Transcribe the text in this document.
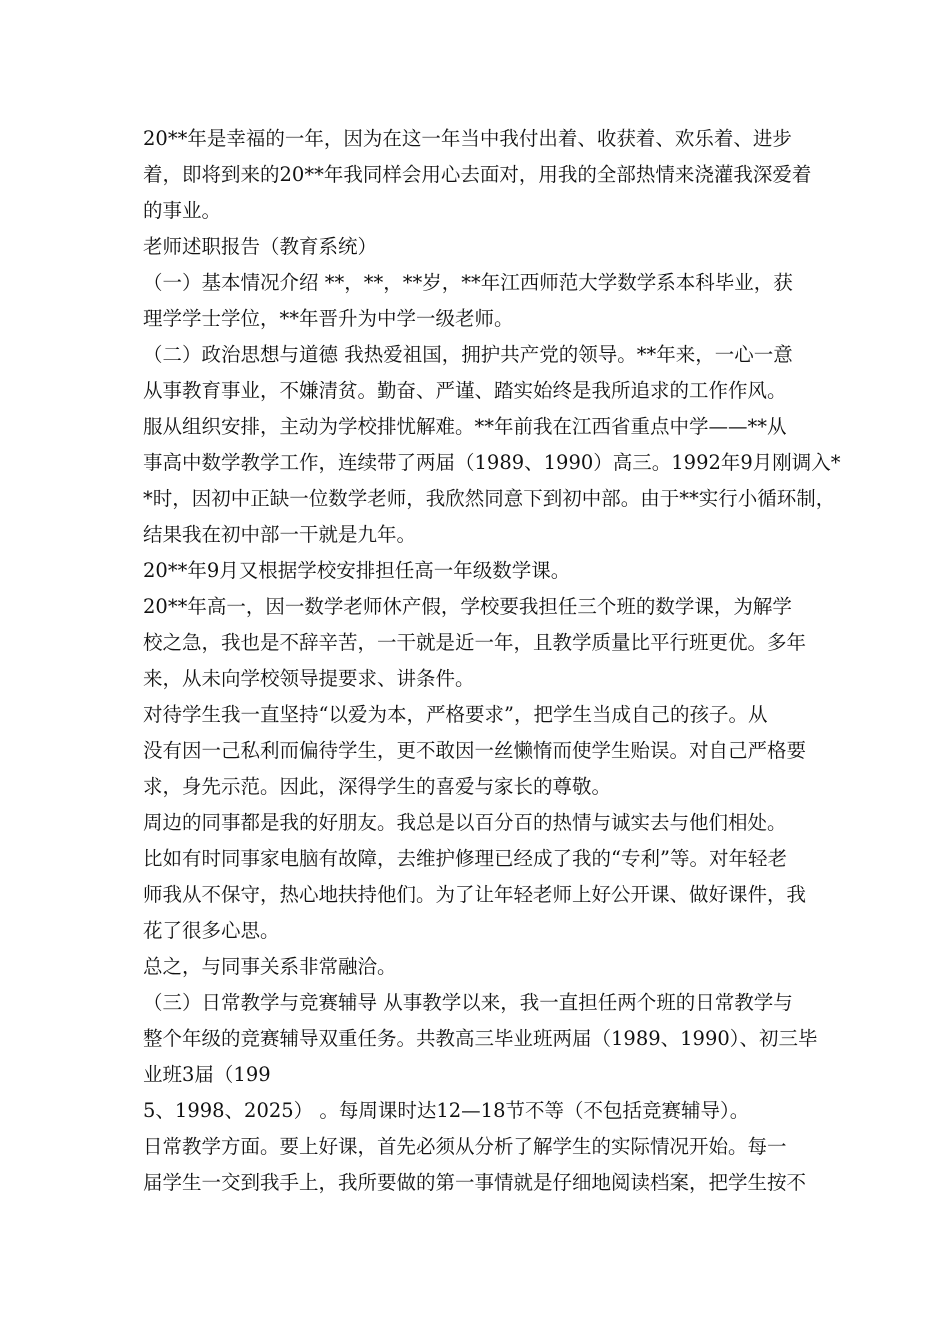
20**年是幸福的一年，因为在这一年当中我付出着、收获着、欢乐着、进步
着，即将到来的20**年我同样会用心去面对，用我的全部热情来浇灌我深爱着
的事业。
老师述职报告（教育系统）
（一）基本情况介绍 **，**，**岁，**年江西师范大学数学系本科毕业，获
理学学士学位，**年晋升为中学一级老师。
（二）政治思想与道德 我热爱祖国，拥护共产党的领导。**年来，一心一意
从事教育事业，不嫌清贫。勤奋、严谨、踏实始终是我所追求的工作作风。
服从组织安排，主动为学校排忧解难。**年前我在江西省重点中学——**从
事高中数学教学工作，连续带了两届（1989、1990）高三。1992年9月刚调入*
*时，因初中正缺一位数学老师，我欣然同意下到初中部。由于**实行小循环制，
结果我在初中部一干就是九年。
20**年9月又根据学校安排担任高一年级数学课。
20**年高一，因一数学老师休产假，学校要我担任三个班的数学课，为解学
校之急，我也是不辞辛苦，一干就是近一年，且教学质量比平行班更优。多年
来，从未向学校领导提要求、讲条件。
对待学生我一直坚持“以爱为本，严格要求”，把学生当成自己的孩子。从
没有因一己私利而偏待学生，更不敢因一丝懒惰而使学生贻误。对自己严格要
求，身先示范。因此，深得学生的喜爱与家长的尊敬。
周边的同事都是我的好朋友。我总是以百分百的热情与诚实去与他们相处。
比如有时同事家电脑有故障，去维护修理已经成了我的“专利”等。对年轻老
师我从不保守，热心地扶持他们。为了让年轻老师上好公开课、做好课件，我
花了很多心思。
总之，与同事关系非常融洽。
（三）日常教学与竞赛辅导 从事教学以来，我一直担任两个班的日常教学与
整个年级的竞赛辅导双重任务。共教高三毕业班两届（1989、1990）、初三毕
业班3届（199
5、1998、2025） 。每周课时达12—18节不等（不包括竞赛辅导）。
日常教学方面。要上好课，首先必须从分析了解学生的实际情况开始。每一
届学生一交到我手上，我所要做的第一事情就是仔细地阅读档案，把学生按不
